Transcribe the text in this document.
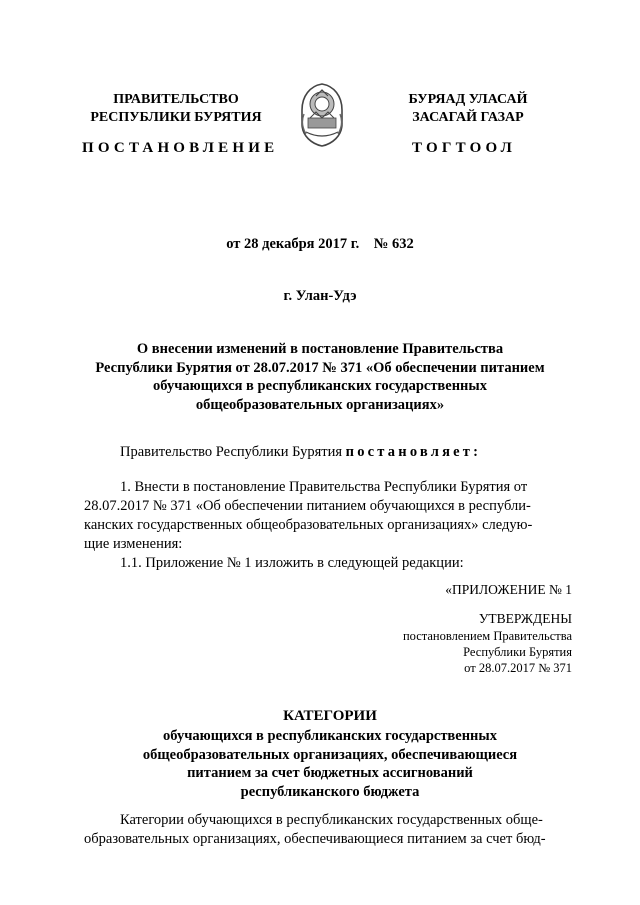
ПРАВИТЕЛЬСТВО
РЕСПУБЛИКИ БУРЯТИЯ
БУРЯАД УЛАСАЙ
ЗАСАГАЙ ГАЗАР
ПОСТАНОВЛЕНИЕ	ТОГТООЛ
от 28 декабря 2017 г.    № 632
г. Улан-Удэ
О внесении изменений в постановление Правительства
Республики Бурятия от 28.07.2017 № 371 «Об обеспечении питанием
обучающихся в республиканских государственных
общеобразовательных организациях»
Правительство Республики Бурятия постановляет:
1. Внести в постановление Правительства Республики Бурятия от
28.07.2017 № 371 «Об обеспечении питанием обучающихся в республи-
канских государственных общеобразовательных организациях» следую-
щие изменения:
1.1. Приложение № 1 изложить в следующей редакции:
«ПРИЛОЖЕНИЕ № 1
УТВЕРЖДЕНЫ
постановлением Правительства
Республики Бурятия
от 28.07.2017 № 371
КАТЕГОРИИ
обучающихся в республиканских государственных
общеобразовательных организациях, обеспечивающиеся
питанием за счет бюджетных ассигнований
республиканского бюджета
Категории обучающихся в республиканских государственных обще-
образовательных организациях, обеспечивающиеся питанием за счет бюд-
